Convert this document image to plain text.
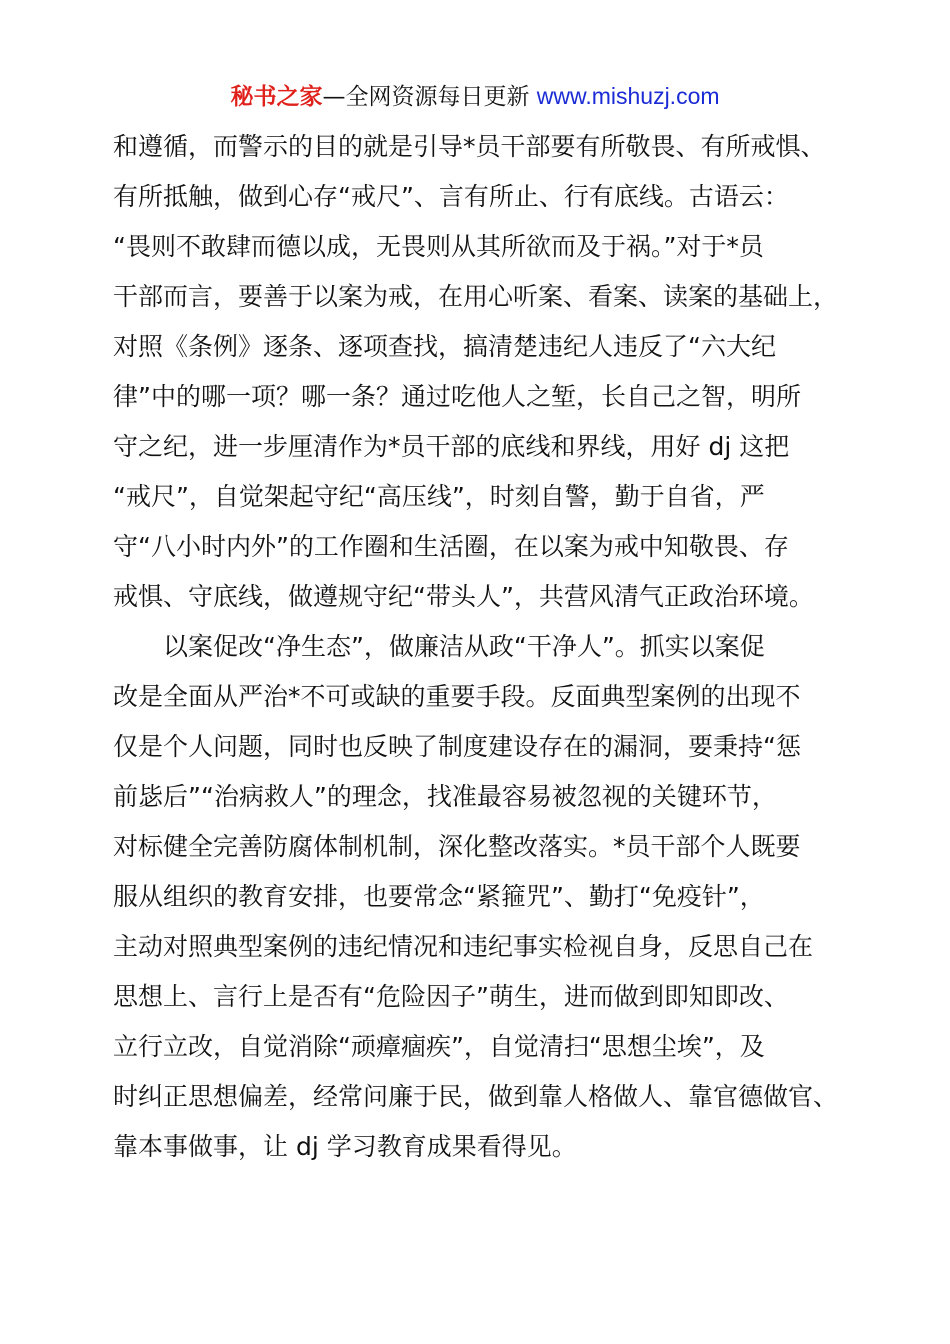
秘书之家—全网资源每日更新 www.mishuzj.com
和遵循，而警示的目的就是引导*员干部要有所敬畏、有所戒惧、
有所抵触，做到心存“戒尺”、言有所止、行有底线。古语云：
“畏则不敢肆而德以成，无畏则从其所欲而及于祸。”对于*员
干部而言，要善于以案为戒，在用心听案、看案、读案的基础上，
对照《条例》逐条、逐项查找，搞清楚违纪人违反了“六大纪
律”中的哪一项？哪一条？通过吃他人之堑，长自己之智，明所
守之纪，进一步厘清作为*员干部的底线和界线，用好 dj 这把
“戒尺”，自觉架起守纪“高压线”，时刻自警，勤于自省，严
守“八小时内外”的工作圈和生活圈，在以案为戒中知敬畏、存
戒惧、守底线，做遵规守纪“带头人”，共营风清气正政治环境。
　　以案促改“净生态”，做廉洁从政“干净人”。抓实以案促
改是全面从严治*不可或缺的重要手段。反面典型案例的出现不
仅是个人问题，同时也反映了制度建设存在的漏洞，要秉持“惩
前毖后”“治病救人”的理念，找准最容易被忽视的关键环节，
对标健全完善防腐体制机制，深化整改落实。*员干部个人既要
服从组织的教育安排，也要常念“紧箍咒”、勤打“免疫针”，
主动对照典型案例的违纪情况和违纪事实检视自身，反思自己在
思想上、言行上是否有“危险因子”萌生，进而做到即知即改、
立行立改，自觉消除“顽瘴痼疾”，自觉清扫“思想尘埃”，及
时纠正思想偏差，经常问廉于民，做到靠人格做人、靠官德做官、
靠本事做事，让 dj 学习教育成果看得见。
